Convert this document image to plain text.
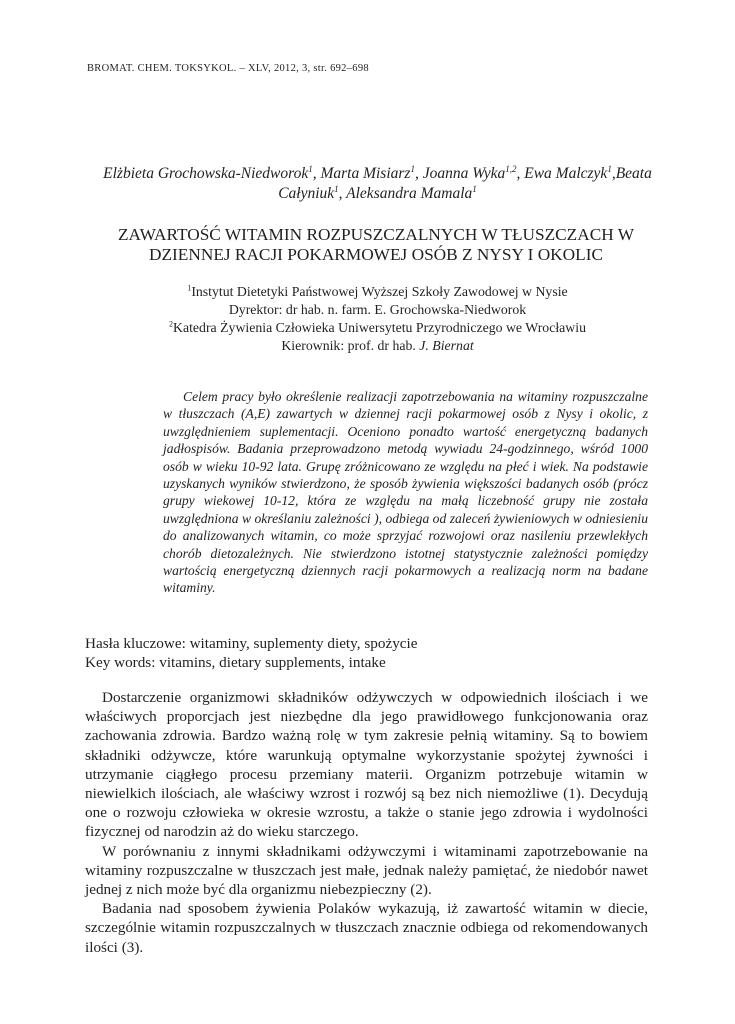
BROMAT. CHEM. TOKSYKOL. – XLV, 2012, 3, str. 692–698
Elżbieta Grochowska-Niedworok$^1$, Marta Misiarz$^1$, Joanna Wyka$^{1,2}$, Ewa Malczyk$^1$,Beata Całyniuk$^1$, Aleksandra Mamala$^1$
ZAWARTOŚĆ WITAMIN ROZPUSZCZALNYCH W TŁUSZCZACH W
DZIENNEJ RACJI POKARMOWEJ OSÓB Z NYSY I OKOLIC
$^1$Instytut Dietetyki Państwowej Wyższej Szkoły Zawodowej w Nysie
Dyrektor: dr hab. n. farm. E. Grochowska-Niedworok
$^2$Katedra Żywienia Człowieka Uniwersytetu Przyrodniczego we Wrocławiu
Kierownik: prof. dr hab. J. Biernat

Celem pracy było określenie realizacji zapotrzebowania na witaminy rozpuszczalne w tłuszczach (A,E) zawartych w dziennej racji pokarmowej osób z Nysy i okolic, z uwzględnieniem suplementacji. Oceniono ponadto wartość energetyczną badanych jadłospisów. Badania przeprowadzono metodą wywiadu 24-godzinnego, wśród 1000 osób w wieku 10-92 lata. Grupę zróżnicowano ze względu na płeć i wiek. Na podstawie uzyskanych wyników stwierdzono, że sposób żywienia większości badanych osób (prócz grupy wiekowej 10-12, która ze względu na małą liczebność grupy nie została uwzględniona w określaniu zależności ), odbiega od zaleceń żywieniowych w odniesieniu do analizowanych witamin, co może sprzyjać rozwojowi oraz nasileniu przewlekłych chorób dietozależnych. Nie stwierdzono istotnej statystycznie zależności pomiędzy wartością energetyczną dziennych racji pokarmowych a realizacją norm na badane witaminy.

Hasła kluczowe: witaminy, suplementy diety, spożycie
Key words: vitamins, dietary supplements, intake

Dostarczenie organizmowi składników odżywczych w odpowiednich ilościach i we właściwych proporcjach jest niezbędne dla jego prawidłowego funkcjonowania oraz zachowania zdrowia. Bardzo ważną rolę w tym zakresie pełnią witaminy. Są to bowiem składniki odżywcze, które warunkują optymalne wykorzystanie spożytej żywności i utrzymanie ciągłego procesu przemiany materii. Organizm potrzebuje witamin w niewielkich ilościach, ale właściwy wzrost i rozwój są bez nich niemożliwe (1). Decydują one o rozwoju człowieka w okresie wzrostu, a także o stanie jego zdrowia i wydolności fizycznej od narodzin aż do wieku starczego.

W porównaniu z innymi składnikami odżywczymi i witaminami zapotrzebowanie na witaminy rozpuszczalne w tłuszczach jest małe, jednak należy pamiętać, że niedobór nawet jednej z nich może być dla organizmu niebezpieczny (2).

Badania nad sposobem żywienia Polaków wykazują, iż zawartość witamin w diecie, szczególnie witamin rozpuszczalnych w tłuszczach znacznie odbiega od rekomendowanych ilości (3).
